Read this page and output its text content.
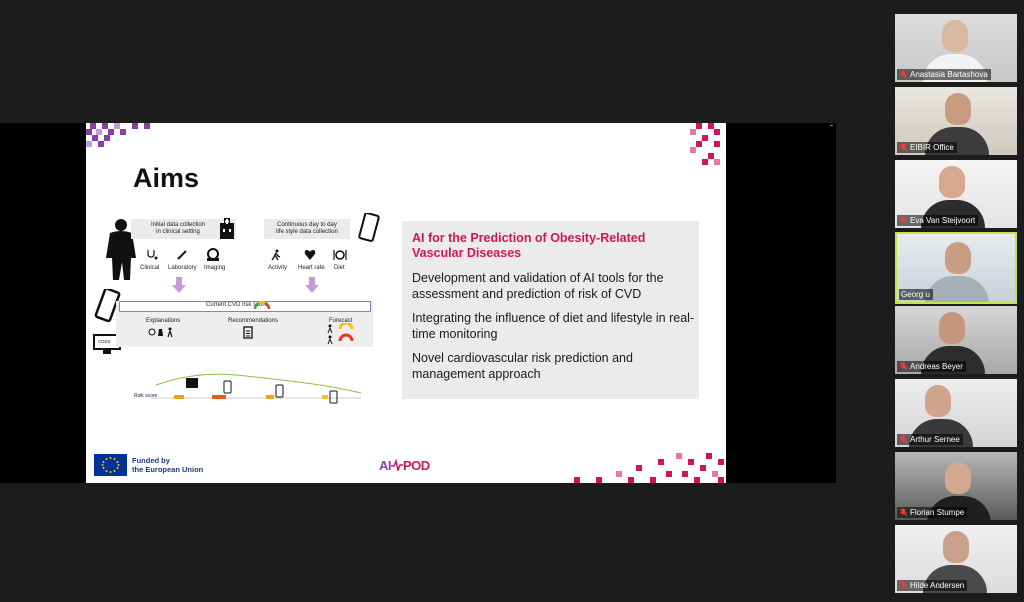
Aims
Initial data collection
in clinical setting
Clinical Laboratory Imaging
Continuous day to day
life style data collection
Activity Heart rate Diet
CDSS
Current CVD risk score:
Explanations	Recommendations	Forecast
Risk score
AI for the Prediction of Obesity-Related Vascular Diseases
Development and validation of AI tools for the assessment and prediction of risk of CVD
Integrating the influence of diet and lifestyle in real-time monitoring
Novel cardiovascular risk prediction and management approach
Funded by
the European Union	AI POD
Anastasia Bartashova
EIBIR Office
Eva Van Steijvoort
Georg u
Andreas Beyer
Arthur Sernee
Florian Stumpe
Hilde Andersen
